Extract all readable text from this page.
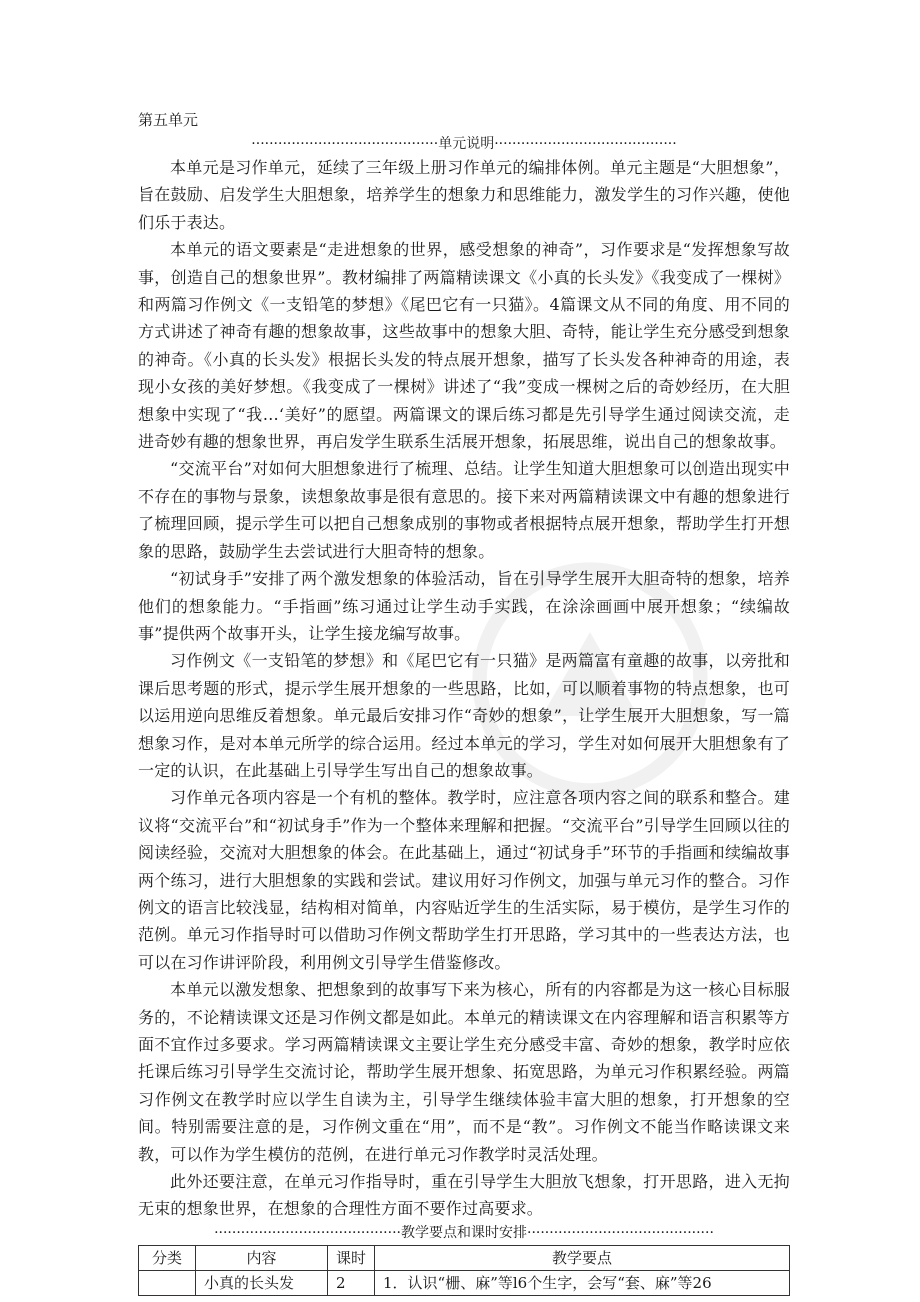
第五单元
··········································单元说明·········································

本单元是习作单元，延续了三年级上册习作单元的编排体例。单元主题是“大胆想象”，旨在鼓励、启发学生大胆想象，培养学生的想象力和思维能力，激发学生的习作兴趣，使他们乐于表达。

本单元的语文要素是“走进想象的世界，感受想象的神奇”，习作要求是“发挥想象写故事，创造自己的想象世界”。教材编排了两篇精读课文《小真的长头发》《我变成了一棵树》和两篇习作例文《一支铅笔的梦想》《尾巴它有一只猫》。4篇课文从不同的角度、用不同的方式讲述了神奇有趣的想象故事，这些故事中的想象大胆、奇特，能让学生充分感受到想象的神奇。《小真的长头发》根据长头发的特点展开想象，描写了长头发各种神奇的用途，表现小女孩的美好梦想。《我变成了一棵树》讲述了“我”变成一棵树之后的奇妙经历，在大胆想象中实现了“我…‘美好”的愿望。两篇课文的课后练习都是先引导学生通过阅读交流，走进奇妙有趣的想象世界，再启发学生联系生活展开想象，拓展思维，说出自己的想象故事。

“交流平台”对如何大胆想象进行了梳理、总结。让学生知道大胆想象可以创造出现实中不存在的事物与景象，读想象故事是很有意思的。接下来对两篇精读课文中有趣的想象进行了梳理回顾，提示学生可以把自己想象成别的事物或者根据特点展开想象，帮助学生打开想象的思路，鼓励学生去尝试进行大胆奇特的想象。

“初试身手”安排了两个激发想象的体验活动，旨在引导学生展开大胆奇特的想象，培养他们的想象能力。“手指画”练习通过让学生动手实践，在涂涂画画中展开想象；“续编故事”提供两个故事开头，让学生接龙编写故事。

习作例文《一支铅笔的梦想》和《尾巴它有一只猫》是两篇富有童趣的故事，以旁批和课后思考题的形式，提示学生展开想象的一些思路，比如，可以顺着事物的特点想象，也可以运用逆向思维反着想象。单元最后安排习作“奇妙的想象”，让学生展开大胆想象，写一篇想象习作，是对本单元所学的综合运用。经过本单元的学习，学生对如何展开大胆想象有了一定的认识，在此基础上引导学生写出自己的想象故事。

习作单元各项内容是一个有机的整体。教学时，应注意各项内容之间的联系和整合。建议将“交流平台”和“初试身手”作为一个整体来理解和把握。“交流平台”引导学生回顾以往的阅读经验，交流对大胆想象的体会。在此基础上，通过“初试身手”环节的手指画和续编故事两个练习，进行大胆想象的实践和尝试。建议用好习作例文，加强与单元习作的整合。习作例文的语言比较浅显，结构相对简单，内容贴近学生的生活实际，易于模仿，是学生习作的范例。单元习作指导时可以借助习作例文帮助学生打开思路，学习其中的一些表达方法，也可以在习作讲评阶段，利用例文引导学生借鉴修改。

本单元以激发想象、把想象到的故事写下来为核心，所有的内容都是为这一核心目标服务的，不论精读课文还是习作例文都是如此。本单元的精读课文在内容理解和语言积累等方面不宜作过多要求。学习两篇精读课文主要让学生充分感受丰富、奇妙的想象，教学时应依托课后练习引导学生交流讨论，帮助学生展开想象、拓宽思路，为单元习作积累经验。两篇习作例文在教学时应以学生自读为主，引导学生继续体验丰富大胆的想象，打开想象的空间。特别需要注意的是，习作例文重在“用”，而不是“教”。习作例文不能当作略读课文来教，可以作为学生模仿的范例，在进行单元习作教学时灵活处理。

此外还要注意，在单元习作指导时，重在引导学生大胆放飞想象，打开思路，进入无拘无束的想象世界，在想象的合理性方面不要作过高要求。

··········································教学要点和课时安排··········································
分类	内容	课时	教学要点
	小真的长头发	2	1．认识“栅、麻”等l6个生字，会写“套、麻”等26
